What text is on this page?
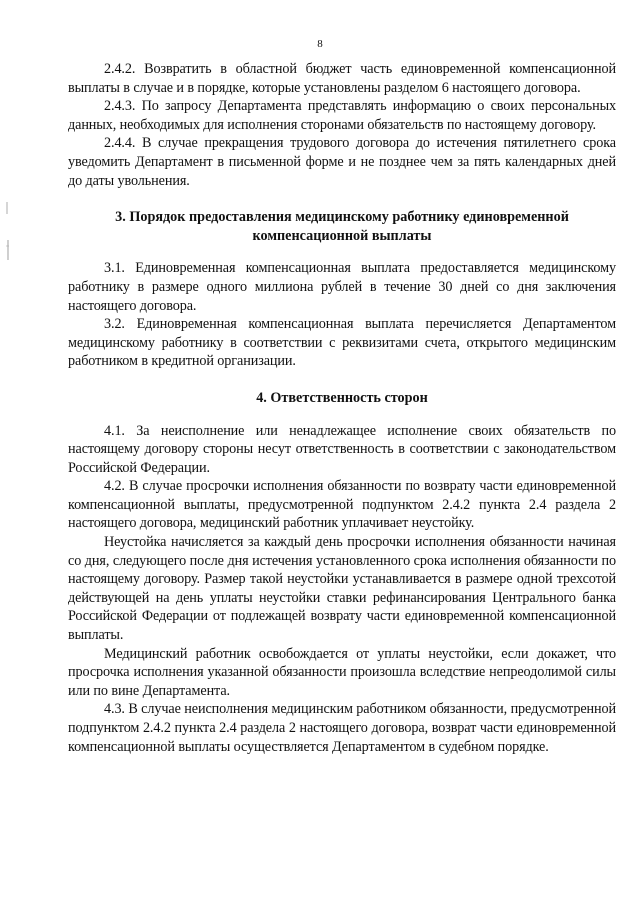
8

2.4.2. Возвратить в областной бюджет часть единовременной компенсационной выплаты в случае и в порядке, которые установлены разделом 6 настоящего договора.

2.4.3. По запросу Департамента представлять информацию о своих персональных данных, необходимых для исполнения сторонами обязательств по настоящему договору.

2.4.4. В случае прекращения трудового договора до истечения пятилетнего срока уведомить Департамент в письменной форме и не позднее чем за пять календарных дней до даты увольнения.

3. Порядок предоставления медицинскому работнику единовременной компенсационной выплаты

3.1. Единовременная компенсационная выплата предоставляется медицинскому работнику в размере одного миллиона рублей в течение 30 дней со дня заключения настоящего договора.

3.2. Единовременная компенсационная выплата перечисляется Департаментом медицинскому работнику в соответствии с реквизитами счета, открытого медицинским работником в кредитной организации.

4. Ответственность сторон

4.1. За неисполнение или ненадлежащее исполнение своих обязательств по настоящему договору стороны несут ответственность в соответствии с законодательством Российской Федерации.

4.2. В случае просрочки исполнения обязанности по возврату части единовременной компенсационной выплаты, предусмотренной подпунктом 2.4.2 пункта 2.4 раздела 2 настоящего договора, медицинский работник уплачивает неустойку.

Неустойка начисляется за каждый день просрочки исполнения обязанности начиная со дня, следующего после дня истечения установленного срока исполнения обязанности по настоящему договору. Размер такой неустойки устанавливается в размере одной трехсотой действующей на день уплаты неустойки ставки рефинансирования Центрального банка Российской Федерации от подлежащей возврату части единовременной компенсационной выплаты.

Медицинский работник освобождается от уплаты неустойки, если докажет, что просрочка исполнения указанной обязанности произошла вследствие непреодолимой силы или по вине Департамента.

4.3. В случае неисполнения медицинским работником обязанности, предусмотренной подпунктом 2.4.2 пункта 2.4 раздела 2 настоящего договора, возврат части единовременной компенсационной выплаты осуществляется Департаментом в судебном порядке.
